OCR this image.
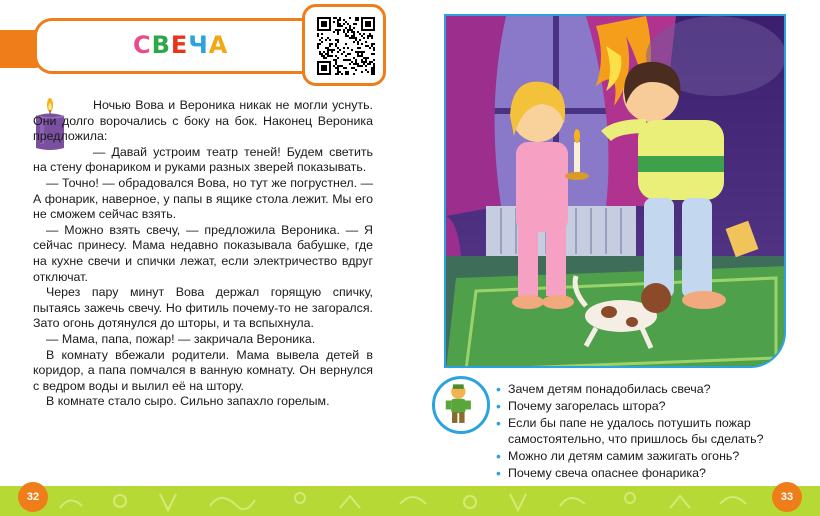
СВЕЧА

Ночью Вова и Вероника никак не могли уснуть. Они долго ворочались с боку на бок. Наконец Вероника предложила:

— Давай устроим театр теней! Будем светить на стену фонариком и руками разных зверей показывать.

— Точно! — обрадовался Вова, но тут же погрустнел. — А фонарик, наверное, у папы в ящике стола лежит. Мы его не сможем сейчас взять.

— Можно взять свечу, — предложила Вероника. — Я сейчас принесу. Мама недавно показывала бабушке, где на кухне свечи и спички лежат, если электричество вдруг отключат.

Через пару минут Вова держал горящую спичку, пытаясь зажечь свечу. Но фитиль почему-то не загорался. Зато огонь дотянулся до шторы, и та вспыхнула.

— Мама, папа, пожар! — закричала Вероника.

В комнату вбежали родители. Мама вывела детей в коридор, а папа помчался в ванную комнату. Он вернулся с ведром воды и вылил её на штору.

В комнате стало сыро. Сильно запахло горелым.

• Зачем детям понадобилась свеча?
• Почему загорелась штора?
• Если бы папе не удалось потушить пожар самостоятельно, что пришлось бы сделать?
• Можно ли детям самим зажигать огонь?
• Почему свеча опаснее фонарика?
32	33
